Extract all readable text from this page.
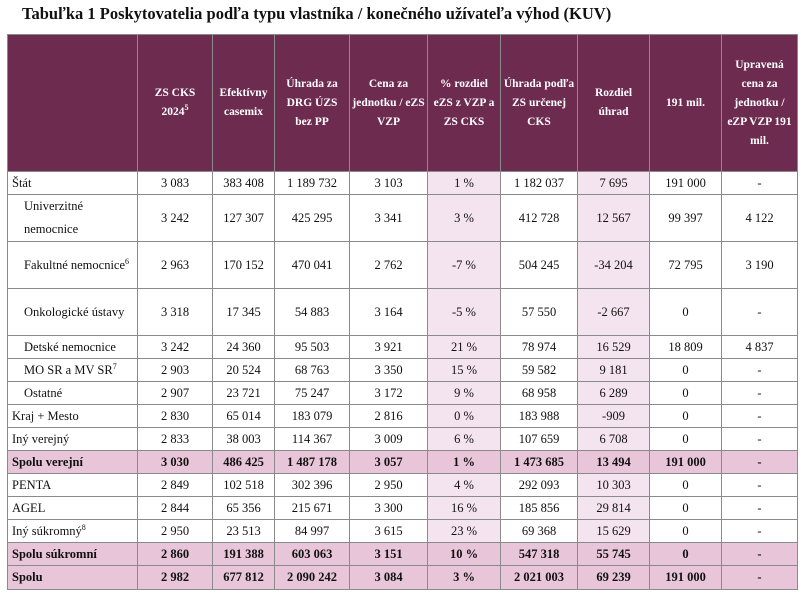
Tabuľka 1 Poskytovatelia podľa typu vlastníka / konečného užívateľa výhod (KUV)
	ZS CKS 2024$^5$	Efektívny casemix	Úhrada za DRG ÚZS bez PP	Cena za jednotku / eZS VZP	% rozdiel eZS z VZP a ZS CKS	Úhrada podľa ZS určenej CKS	Rozdiel úhrad	191 mil.	Upravená cena za jednotku / eZP VZP 191 mil.
Štát	3 083	383 408	1 189 732	3 103	1 %	1 182 037	7 695	191 000	-
Univerzitné nemocnice	3 242	127 307	425 295	3 341	3 %	412 728	12 567	99 397	4 122
Fakultné nemocnice$^6$	2 963	170 152	470 041	2 762	-7 %	504 245	-34 204	72 795	3 190
Onkologické ústavy	3 318	17 345	54 883	3 164	-5 %	57 550	-2 667	0	-
Detské nemocnice	3 242	24 360	95 503	3 921	21 %	78 974	16 529	18 809	4 837
MO SR a MV $SR^7$	2 903	20 524	68 763	3 350	15 %	59 582	9 181	0	-
Ostatné	2 907	23 721	75 247	3 172	9 %	68 958	6 289	0	-
Kraj + Mesto	2 830	65 014	183 079	2 816	0 %	183 988	-909	0	-
Iný verejný	2 833	38 003	114 367	3 009	6 %	107 659	6 708	0	-
Spolu verejní	3 030	486 425	1 487 178	3 057	1 %	1 473 685	13 494	191 000	-
PENTA	2 849	102 518	302 396	2 950	4 %	292 093	10 303	0	-
AGEL	2 844	65 356	215 671	3 300	16 %	185 856	29 814	0	-
Iný súkromný$^8$	2 950	23 513	84 997	3 615	23 %	69 368	15 629	0	-
Spolu súkromní	2 860	191 388	603 063	3 151	10 %	547 318	55 745	0	-
Spolu	2 982	677 812	2 090 242	3 084	3 %	2 021 003	69 239	191 000	-
